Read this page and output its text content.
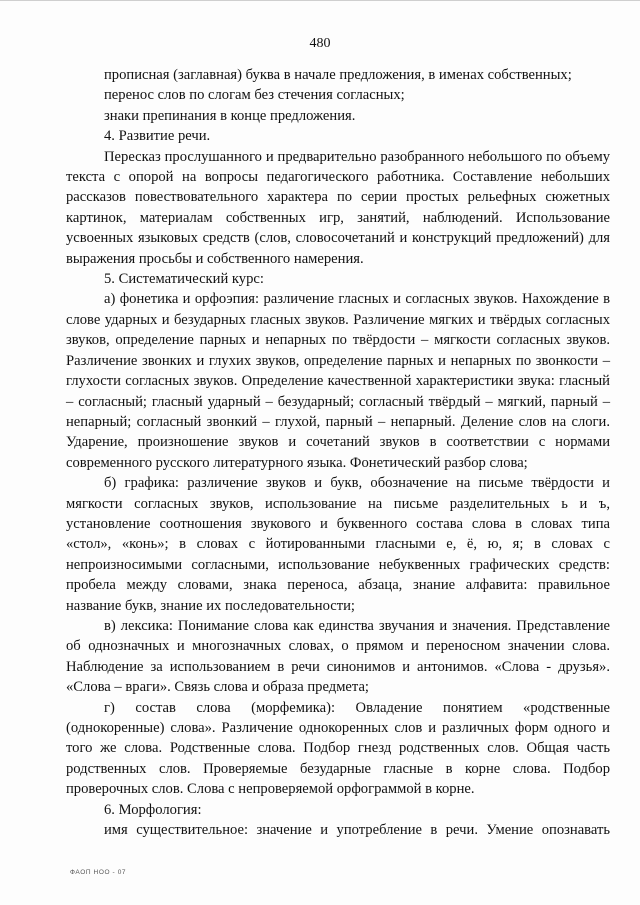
480

прописная (заглавная) буква в начале предложения, в именах собственных;

перенос слов по слогам без стечения согласных;

знаки препинания в конце предложения.

4. Развитие речи.

Пересказ прослушанного и предварительно разобранного небольшого по объему текста с опорой на вопросы педагогического работника. Составление небольших рассказов повествовательного характера по серии простых рельефных сюжетных картинок, материалам собственных игр, занятий, наблюдений. Использование усвоенных языковых средств (слов, словосочетаний и конструкций предложений) для выражения просьбы и собственного намерения.

5. Систематический курс:

а) фонетика и орфоэпия: различение гласных и согласных звуков. Нахождение в слове ударных и безударных гласных звуков. Различение мягких и твёрдых согласных звуков, определение парных и непарных по твёрдости – мягкости согласных звуков. Различение звонких и глухих звуков, определение парных и непарных по звонкости – глухости согласных звуков. Определение качественной характеристики звука: гласный – согласный; гласный ударный – безударный; согласный твёрдый – мягкий, парный – непарный; согласный звонкий – глухой, парный – непарный. Деление слов на слоги. Ударение, произношение звуков и сочетаний звуков в соответствии с нормами современного русского литературного языка. Фонетический разбор слова;

б) графика: различение звуков и букв, обозначение на письме твёрдости и мягкости согласных звуков, использование на письме разделительных ь и ъ, установление соотношения звукового и буквенного состава слова в словах типа «стол», «конь»; в словах с йотированными гласными е, ё, ю, я; в словах с непроизносимыми согласными, использование небуквенных графических средств: пробела между словами, знака переноса, абзаца, знание алфавита: правильное название букв, знание их последовательности;

в) лексика: Понимание слова как единства звучания и значения. Представление об однозначных и многозначных словах, о прямом и переносном значении слова. Наблюдение за использованием в речи синонимов и антонимов. «Слова - друзья». «Слова – враги». Связь слова и образа предмета;

г) состав слова (морфемика): Овладение понятием «родственные (однокоренные) слова». Различение однокоренных слов и различных форм одного и того же слова. Родственные слова. Подбор гнезд родственных слов. Общая часть родственных слов. Проверяемые безударные гласные в корне слова. Подбор проверочных слов. Слова с непроверяемой орфограммой в корне.

6. Морфология:

имя существительное: значение и употребление в речи. Умение опознавать

ФАОП НОО - 07
